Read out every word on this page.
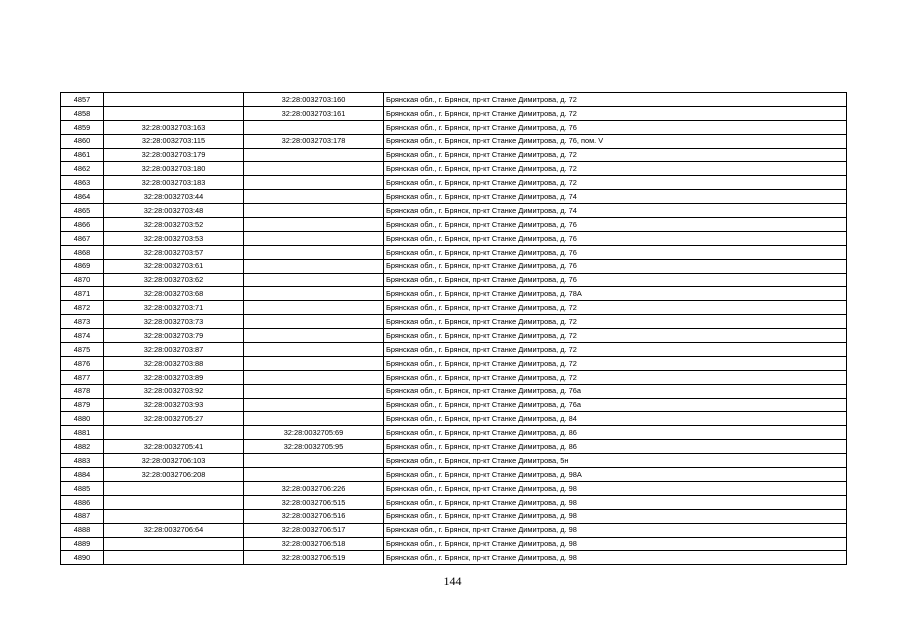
4857		32:28:0032703:160	Брянская обл., г. Брянск, пр-кт Станке Димитрова, д. 72
4858		32:28:0032703:161	Брянская обл., г. Брянск, пр-кт Станке Димитрова, д. 72
4859	32:28:0032703:163		Брянская обл., г. Брянск, пр-кт Станке Димитрова, д. 76
4860	32:28:0032703:115	32:28:0032703:178	Брянская обл., г. Брянск, пр-кт Станке Димитрова, д. 76, пом. V
4861	32:28:0032703:179		Брянская обл., г. Брянск, пр-кт Станке Димитрова, д. 72
4862	32:28:0032703:180		Брянская обл., г. Брянск, пр-кт Станке Димитрова, д. 72
4863	32:28:0032703:183		Брянская обл., г. Брянск, пр-кт Станке Димитрова, д. 72
4864	32:28:0032703:44		Брянская обл., г. Брянск, пр-кт Станке Димитрова, д. 74
4865	32:28:0032703:48		Брянская обл., г. Брянск, пр-кт Станке Димитрова, д. 74
4866	32:28:0032703:52		Брянская обл., г. Брянск, пр-кт Станке Димитрова, д. 76
4867	32:28:0032703:53		Брянская обл., г. Брянск, пр-кт Станке Димитрова, д. 76
4868	32:28:0032703:57		Брянская обл., г. Брянск, пр-кт Станке Димитрова, д. 76
4869	32:28:0032703:61		Брянская обл., г. Брянск, пр-кт Станке Димитрова, д. 76
4870	32:28:0032703:62		Брянская обл., г. Брянск, пр-кт Станке Димитрова, д. 76
4871	32:28:0032703:68		Брянская обл., г. Брянск, пр-кт Станке Димитрова, д. 78А
4872	32:28:0032703:71		Брянская обл., г. Брянск, пр-кт Станке Димитрова, д. 72
4873	32:28:0032703:73		Брянская обл., г. Брянск, пр-кт Станке Димитрова, д. 72
4874	32:28:0032703:79		Брянская обл., г. Брянск, пр-кт Станке Димитрова, д. 72
4875	32:28:0032703:87		Брянская обл., г. Брянск, пр-кт Станке Димитрова, д. 72
4876	32:28:0032703:88		Брянская обл., г. Брянск, пр-кт Станке Димитрова, д. 72
4877	32:28:0032703:89		Брянская обл., г. Брянск, пр-кт Станке Димитрова, д. 72
4878	32:28:0032703:92		Брянская обл., г. Брянск, пр-кт Станке Димитрова, д. 76а
4879	32:28:0032703:93		Брянская обл., г. Брянск, пр-кт Станке Димитрова, д. 76а
4880	32:28:0032705:27		Брянская обл., г. Брянск, пр-кт Станке Димитрова, д. 84
4881		32:28:0032705:69	Брянская обл., г. Брянск, пр-кт Станке Димитрова, д. 86
4882	32:28:0032705:41	32:28:0032705:95	Брянская обл., г. Брянск, пр-кт Станке Димитрова, д. 86
4883	32:28:0032706:103		Брянская обл., г. Брянск, пр-кт Станке Димитрова, 5н
4884	32:28:0032706:208		Брянская обл., г. Брянск, пр-кт Станке Димитрова, д. 98А
4885		32:28:0032706:226	Брянская обл., г. Брянск, пр-кт Станке Димитрова, д. 98
4886		32:28:0032706:515	Брянская обл., г. Брянск, пр-кт Станке Димитрова, д. 98
4887		32:28:0032706:516	Брянская обл., г. Брянск, пр-кт Станке Димитрова, д. 98
4888	32:28:0032706:64	32:28:0032706:517	Брянская обл., г. Брянск, пр-кт Станке Димитрова, д. 98
4889		32:28:0032706:518	Брянская обл., г. Брянск, пр-кт Станке Димитрова, д. 98
4890		32:28:0032706:519	Брянская обл., г. Брянск, пр-кт Станке Димитрова, д. 98
144
